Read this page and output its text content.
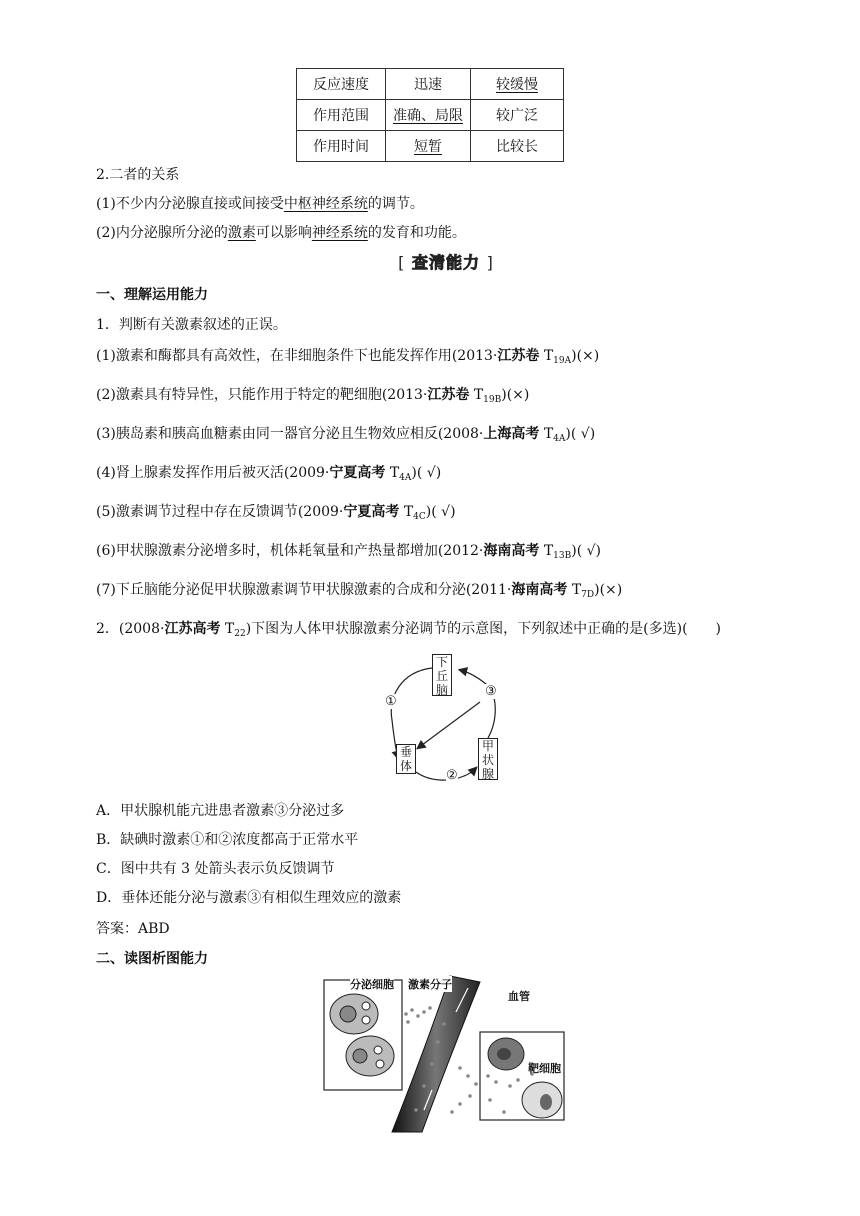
反应速度	迅速	较缓慢
作用范围	准确、局限	较广泛
作用时间	短暂	比较长
2.二者的关系
(1)不少内分泌腺直接或间接受中枢神经系统的调节。
(2)内分泌腺所分泌的激素可以影响神经系统的发育和功能。
[ 查清能力 ]
一、理解运用能力
1．判断有关激素叙述的正误。
(1)激素和酶都具有高效性，在非细胞条件下也能发挥作用(2013·江苏卷 $T_{19A})(\times)$
(2)激素具有特异性，只能作用于特定的靶细胞(2013·江苏卷 $T_{19B})(\times)$
(3)胰岛素和胰高血糖素由同一器官分泌且生物效应相反(2008·上海高考 $T_{4A}$)( √)
(4)肾上腺素发挥作用后被灭活(2009·宁夏高考 $T_{4A}$)( √)
(5)激素调节过程中存在反馈调节(2009·宁夏高考 $T_{4C}$)( √)
(6)甲状腺激素分泌增多时，机体耗氧量和产热量都增加(2012·海南高考 $T_{13B}$)( √)
(7)下丘脑能分泌促甲状腺激素调节甲状腺激素的合成和分泌(2011·海南高考 $T_{7D})(\times)$
2．(2008·江苏高考 $T_{22}$)下图为人体甲状腺激素分泌调节的示意图，下列叙述中正确的是(多选)(　　)
下丘脑
垂体
甲状腺
①
②
③
A．甲状腺机能亢进患者激素③分泌过多
B．缺碘时激素①和②浓度都高于正常水平
C．图中共有 3 处箭头表示负反馈调节
D．垂体还能分泌与激素③有相似生理效应的激素
答案：ABD
二、读图析图能力
分泌细胞 激素分子
血管
靶细胞
